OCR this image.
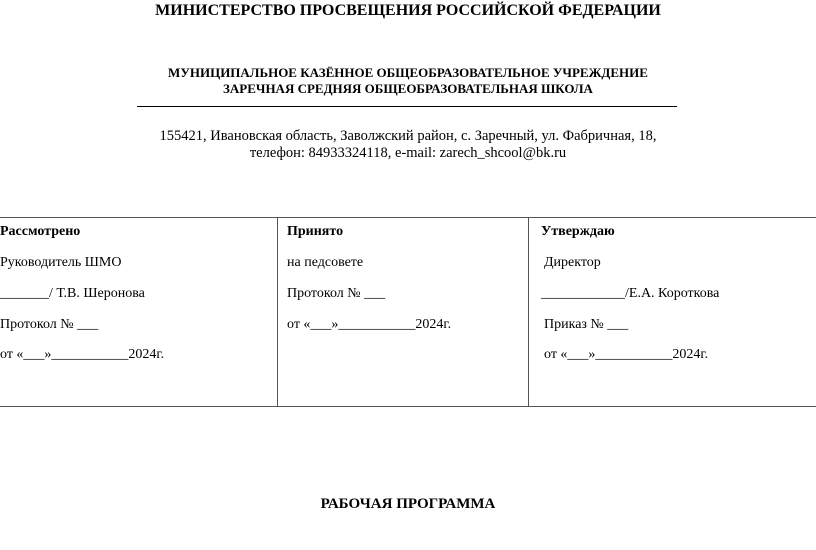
МИНИСТЕРСТВО ПРОСВЕЩЕНИЯ РОССИЙСКОЙ ФЕДЕРАЦИИ
МУНИЦИПАЛЬНОЕ КАЗЁННОЕ ОБЩЕОБРАЗОВАТЕЛЬНОЕ УЧРЕЖДЕНИЕ
ЗАРЕЧНАЯ СРЕДНЯЯ ОБЩЕОБРАЗОВАТЕЛЬНАЯ ШКОЛА
155421, Ивановская область, Заволжский район, с. Заречный, ул. Фабричная, 18,
телефон: 84933324118, e-mail: zarech_shcool@bk.ru
Рассмотрено
Руководитель ШМО
_______/ Т.В. Шеронова
Протокол № ___
от «___»___________2024г.
Принято
на педсовете
Протокол № ___
от «___»___________2024г.
Утверждаю
Директор
____________/Е.А. Короткова
Приказ № ___
от «___»___________2024г.
РАБОЧАЯ ПРОГРАММА
